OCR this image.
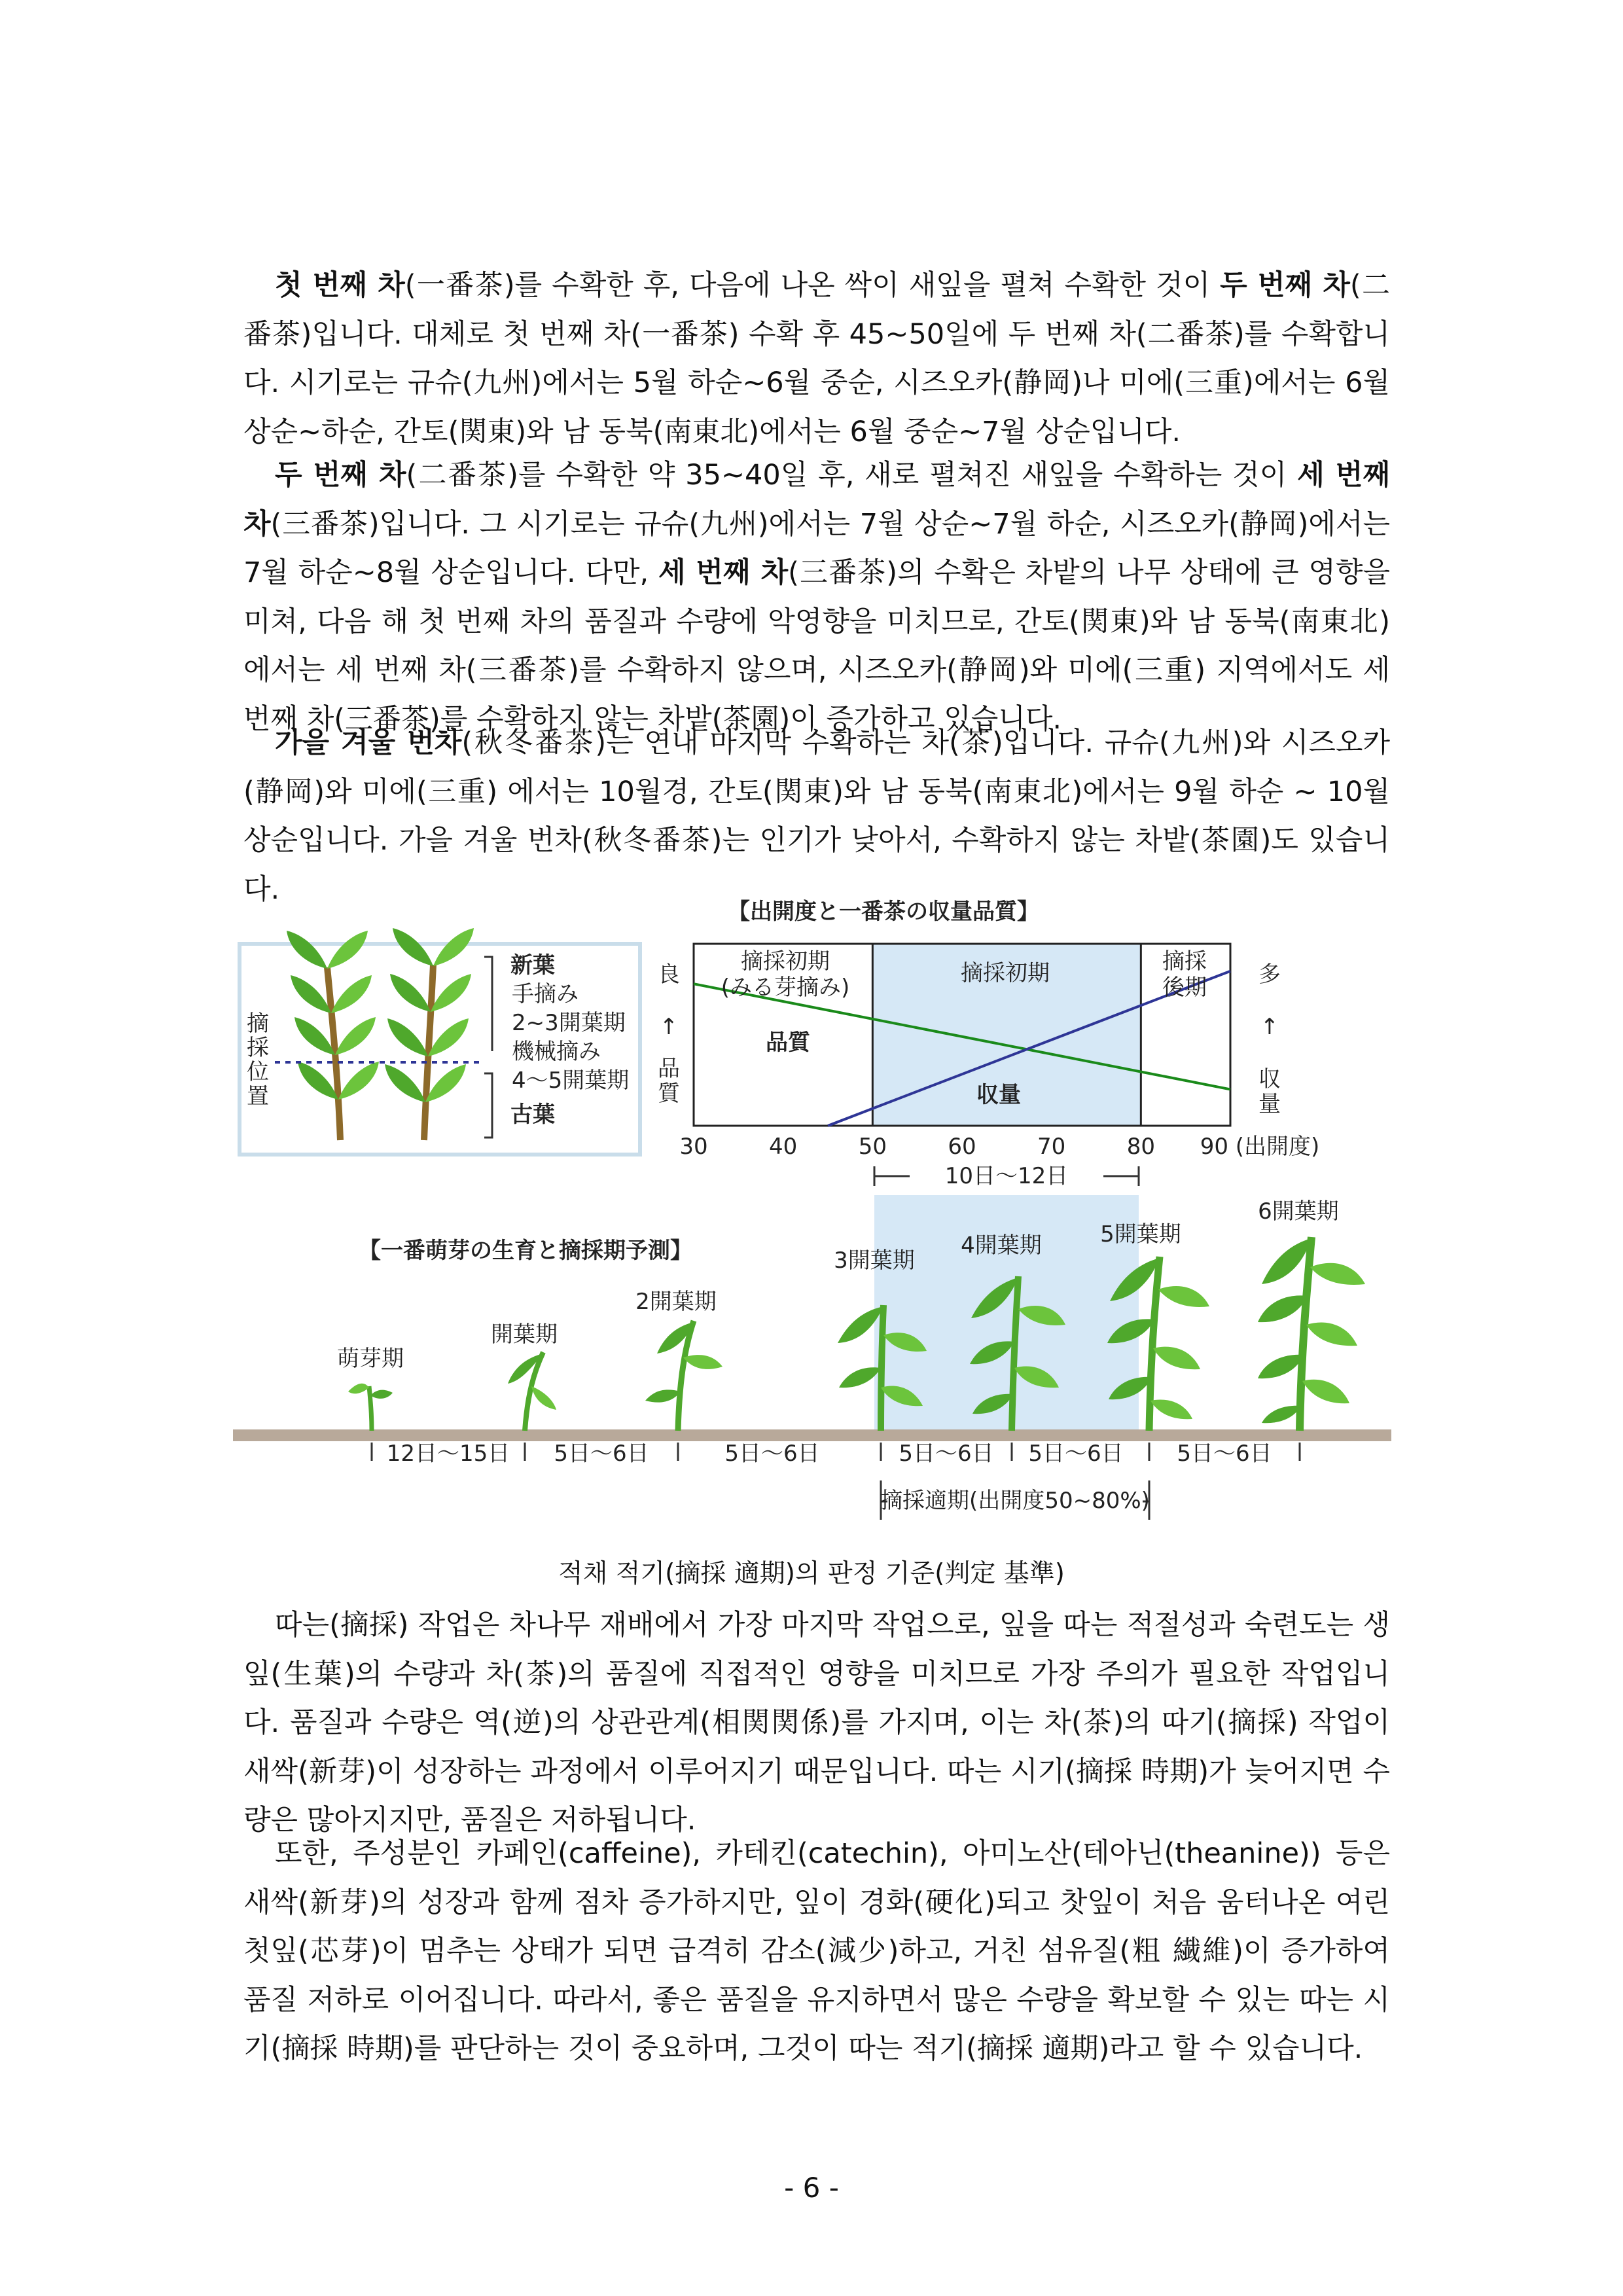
첫 번째 차(一番茶)를 수확한 후, 다음에 나온 싹이 새잎을 펼쳐 수확한 것이 두 번째 차(二番茶)입니다. 대체로 첫 번째 차(一番茶) 수확 후 45~50일에 두 번째 차(二番茶)를 수확합니다. 시기로는 규슈(九州)에서는 5월 하순~6월 중순, 시즈오카(静岡)나 미에(三重)에서는 6월 상순~하순, 간토(関東)와 남 동북(南東北)에서는 6월 중순~7월 상순입니다.
두 번째 차(二番茶)를 수확한 약 35~40일 후, 새로 펼쳐진 새잎을 수확하는 것이 세 번째 차(三番茶)입니다. 그 시기로는 규슈(九州)에서는 7월 상순~7월 하순, 시즈오카(静岡)에서는 7월 하순~8월 상순입니다. 다만, 세 번째 차(三番茶)의 수확은 차밭의 나무 상태에 큰 영향을 미쳐, 다음 해 첫 번째 차의 품질과 수량에 악영향을 미치므로, 간토(関東)와 남 동북(南東北)에서는 세 번째 차(三番茶)를 수확하지 않으며, 시즈오카(静岡)와 미에(三重) 지역에서도 세 번째 차(三番茶)를 수확하지 않는 차밭(茶園)이 증가하고 있습니다.
가을 겨울 번차(秋冬番茶)는 연내 마지막 수확하는 차(茶)입니다. 규슈(九州)와 시즈오카(静岡)와 미에(三重) 에서는 10월경, 간토(関東)와 남 동북(南東北)에서는 9월 하순 ~ 10월 상순입니다. 가을 겨울 번차(秋冬番茶)는 인기가 낮아서, 수확하지 않는 차밭(茶園)도 있습니다.
【出開度と一番茶の収量品質】
摘
採
位
置
新葉
手摘み
2~3開葉期
機械摘み
4～5開葉期
古葉
30	40	50	60	70	80
良
↑
品
質
多
↑
収
量
摘採初期
(みる芽摘み)
摘採初期	摘採
後期
品質
収量
90 (出開度)
10日～12日
【一番萌芽の生育と摘採期予測】
萌芽期
開葉期
2開葉期
3開葉期
4開葉期	5開葉期
6開葉期
12日～15日 5日～6日	5日～6日	5日～6日 5日～6日 5日～6日
摘採適期(出開度50~80%)
적채 적기(摘採 適期)의 판정 기준(判定 基準)
따는(摘採) 작업은 차나무 재배에서 가장 마지막 작업으로, 잎을 따는 적절성과 숙련도는 생잎(生葉)의 수량과 차(茶)의 품질에 직접적인 영향을 미치므로 가장 주의가 필요한 작업입니다. 품질과 수량은 역(逆)의 상관관계(相関関係)를 가지며, 이는 차(茶)의 따기(摘採) 작업이 새싹(新芽)이 성장하는 과정에서 이루어지기 때문입니다. 따는 시기(摘採 時期)가 늦어지면 수량은 많아지지만, 품질은 저하됩니다.
또한, 주성분인 카페인(caffeine), 카테킨(catechin), 아미노산(테아닌(theanine)) 등은 새싹(新芽)의 성장과 함께 점차 증가하지만, 잎이 경화(硬化)되고 찻잎이 처음 움터나온 여린 첫잎(芯芽)이 멈추는 상태가 되면 급격히 감소(減少)하고, 거친 섬유질(粗 繊維)이 증가하여 품질 저하로 이어집니다. 따라서, 좋은 품질을 유지하면서 많은 수량을 확보할 수 있는 따는 시기(摘採 時期)를 판단하는 것이 중요하며, 그것이 따는 적기(摘採 適期)라고 할 수 있습니다.
- 6 -
